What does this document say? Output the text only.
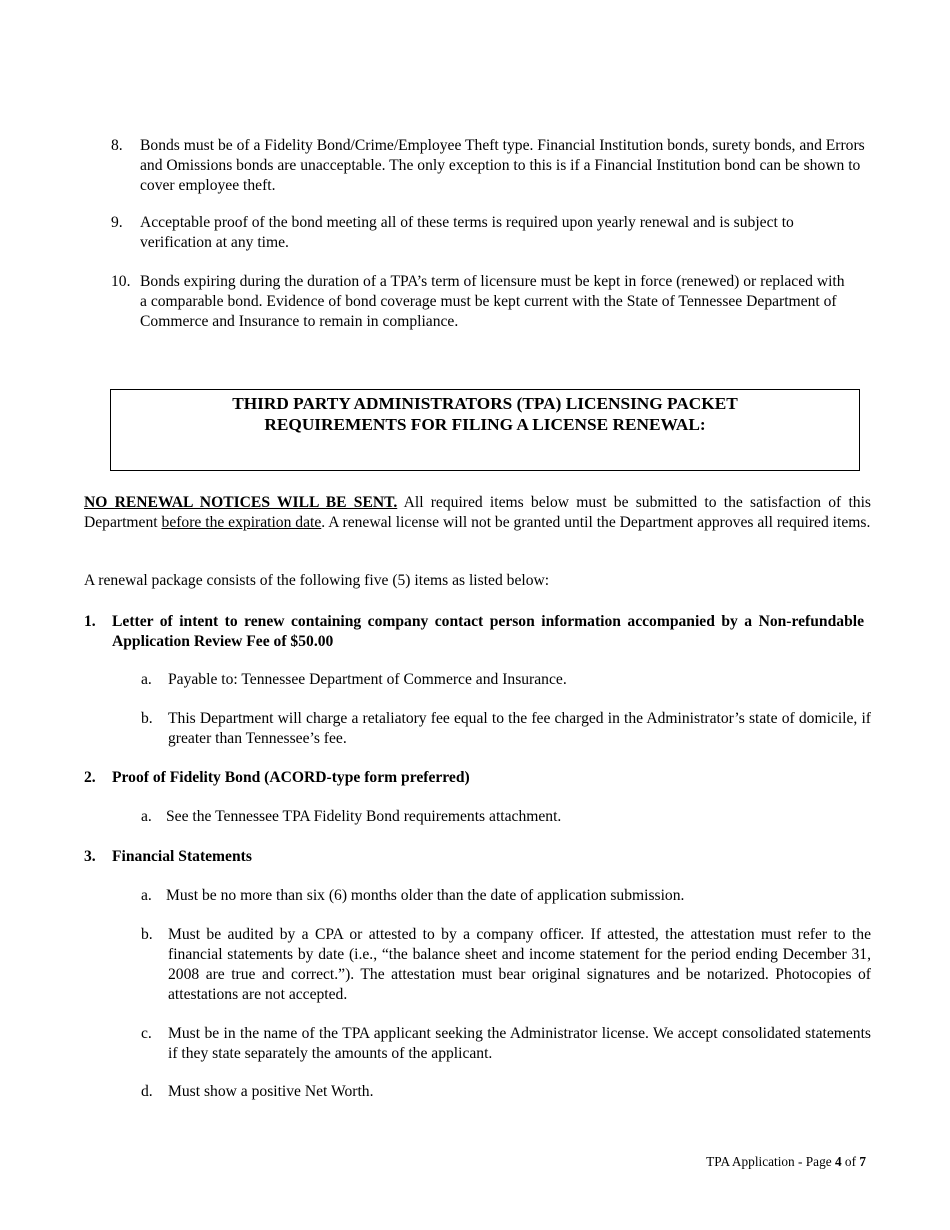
8. Bonds must be of a Fidelity Bond/Crime/Employee Theft type. Financial Institution bonds, surety bonds, and Errors and Omissions bonds are unacceptable. The only exception to this is if a Financial Institution bond can be shown to cover employee theft.
9. Acceptable proof of the bond meeting all of these terms is required upon yearly renewal and is subject to verification at any time.
10. Bonds expiring during the duration of a TPA’s term of licensure must be kept in force (renewed) or replaced with a comparable bond. Evidence of bond coverage must be kept current with the State of Tennessee Department of Commerce and Insurance to remain in compliance.
THIRD PARTY ADMINISTRATORS (TPA) LICENSING PACKET
REQUIREMENTS FOR FILING A LICENSE RENEWAL:
NO RENEWAL NOTICES WILL BE SENT. All required items below must be submitted to the satisfaction of this Department before the expiration date. A renewal license will not be granted until the Department approves all required items.
A renewal package consists of the following five (5) items as listed below:
1. Letter of intent to renew containing company contact person information accompanied by a Non-refundable Application Review Fee of $50.00
a. Payable to: Tennessee Department of Commerce and Insurance.
b. This Department will charge a retaliatory fee equal to the fee charged in the Administrator’s state of domicile, if greater than Tennessee’s fee.
2. Proof of Fidelity Bond (ACORD-type form preferred)
a. See the Tennessee TPA Fidelity Bond requirements attachment.
3. Financial Statements
a. Must be no more than six (6) months older than the date of application submission.
b. Must be audited by a CPA or attested to by a company officer. If attested, the attestation must refer to the financial statements by date (i.e., “the balance sheet and income statement for the period ending December 31, 2008 are true and correct.”). The attestation must bear original signatures and be notarized. Photocopies of attestations are not accepted.
c. Must be in the name of the TPA applicant seeking the Administrator license. We accept consolidated statements if they state separately the amounts of the applicant.
d. Must show a positive Net Worth.
TPA Application - Page 4 of 7
